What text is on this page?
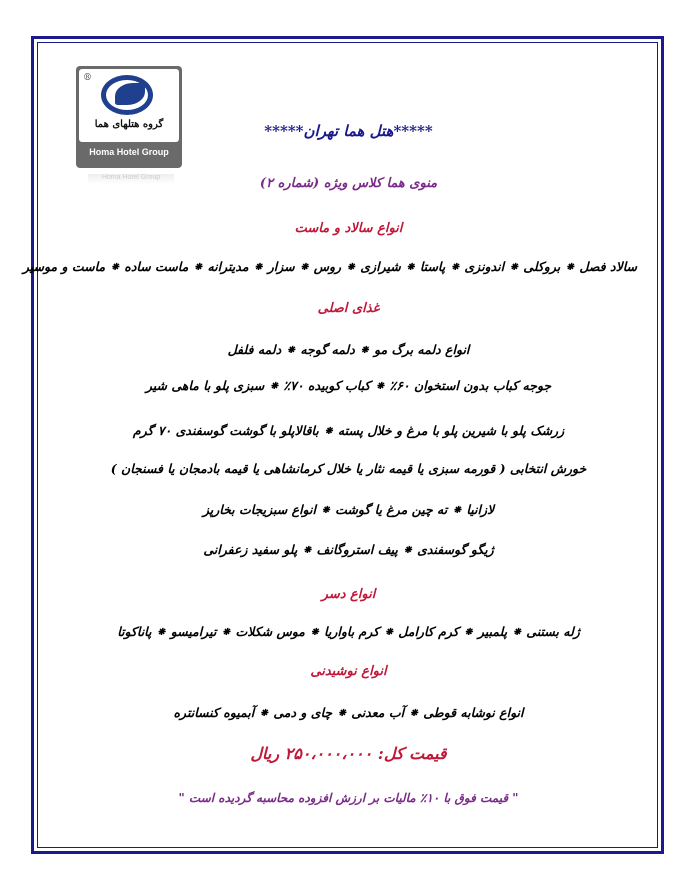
®
گروه هتلهای هما
Homa Hotel Group
Homa Hotel Group
*****هتل هما تهران*****
منوی هما کلاس ویژه (شماره ۲)
انواع سالاد و ماست
سالاد فصل ⁕ بروکلی ⁕ اندونزی ⁕ پاستا ⁕ شیرازی ⁕ روس ⁕ سزار ⁕ مدیترانه ⁕ ماست ساده ⁕ ماست و موسیر
غذای اصلی
انواع دلمه برگ مو ⁕ دلمه گوجه ⁕ دلمه فلفل
جوجه کباب بدون استخوان ۶۰٪ ⁕ کباب کوبیده ۷۰٪ ⁕ سبزی پلو با ماهی شیر
زرشک پلو با شیرین پلو با مرغ و خلال پسته ⁕ باقالاپلو با گوشت گوسفندی ۷۰ گرم
خورش انتخابی ( قورمه سبزی یا قیمه نثار یا خلال کرمانشاهی یا قیمه بادمجان یا فسنجان )
لازانیا ⁕ ته چین مرغ یا گوشت ⁕ انواع سبزیجات بخارپز
ژیگو گوسفندی ⁕ پیف استروگانف ⁕ پلو سفید زعفرانی
انواع دسر
ژله بستنی ⁕ پلمبیر ⁕ کرم کارامل ⁕ کرم باواریا ⁕ موس شکلات ⁕ تیرامیسو ⁕ پاناکوتا
انواع نوشیدنی
انواع نوشابه قوطی ⁕ آب معدنی ⁕ چای و دمی ⁕ آبمیوه کنسانتره
قیمت کل: ۲۵۰،۰۰۰،۰۰۰ ریال
" قیمت فوق با ۱۰٪ مالیات بر ارزش افزوده محاسبه گردیده است "
